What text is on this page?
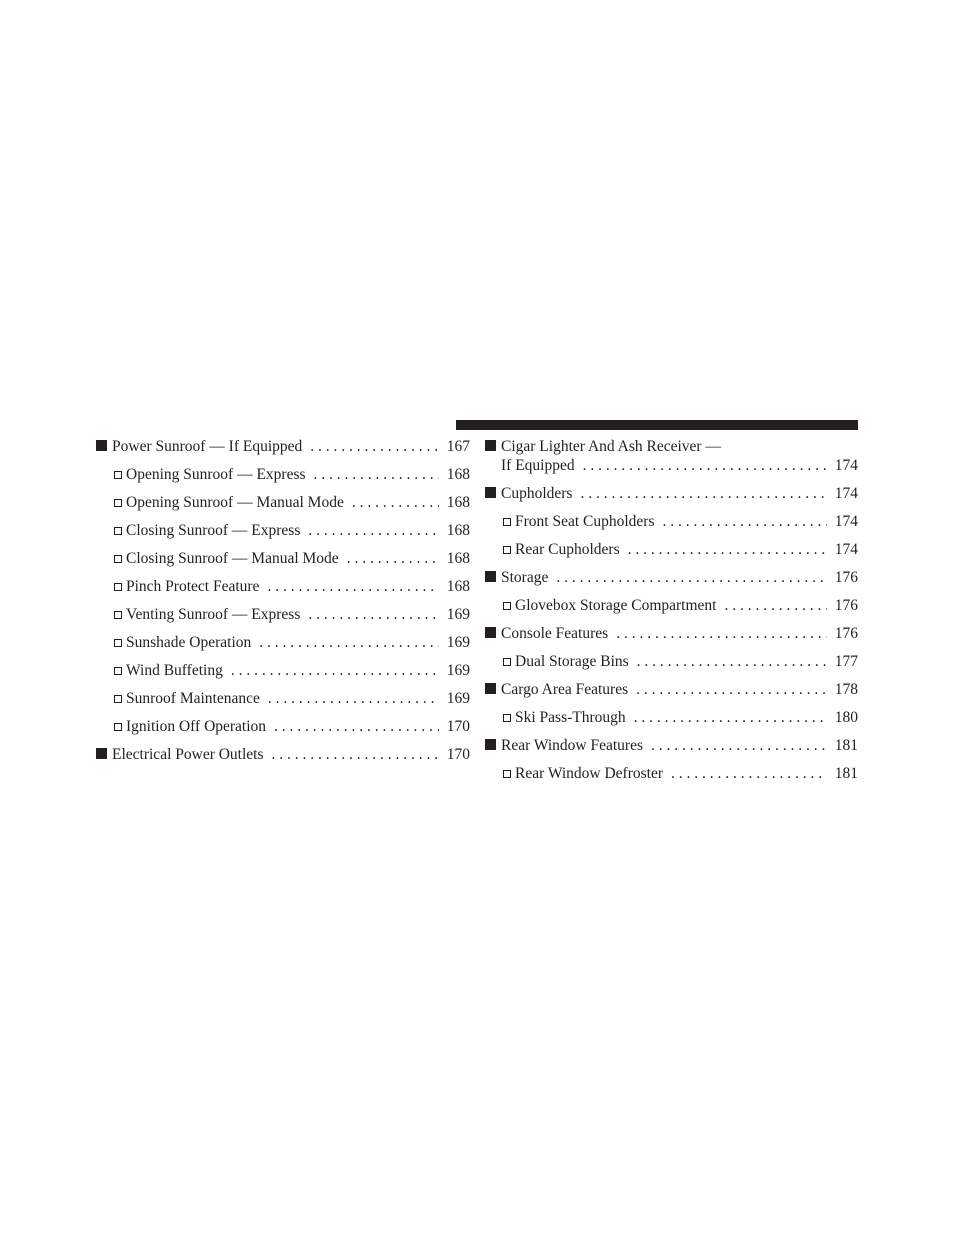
Power Sunroof — If Equipped . . .	167
Opening Sunroof — Express . . .	168
Opening Sunroof — Manual Mode . . .	168
Closing Sunroof — Express . . .	168
Closing Sunroof — Manual Mode . . .	168
Pinch Protect Feature . . .	168
Venting Sunroof — Express . . .	169
Sunshade Operation . . .	169
Wind Buffeting . . .	169
Sunroof Maintenance . . .	169
Ignition Off Operation . . .	170
Electrical Power Outlets . . .	170
Cigar Lighter And Ash Receiver —
If Equipped . . .	174
Cupholders . . .	174
Front Seat Cupholders . . .	174
Rear Cupholders . . .	174
Storage . . .	176
Glovebox Storage Compartment . . .	176
Console Features . . .	176
Dual Storage Bins . . .	177
Cargo Area Features . . .	178
Ski Pass-Through . . .	180
Rear Window Features . . .	181
Rear Window Defroster . . .	181
